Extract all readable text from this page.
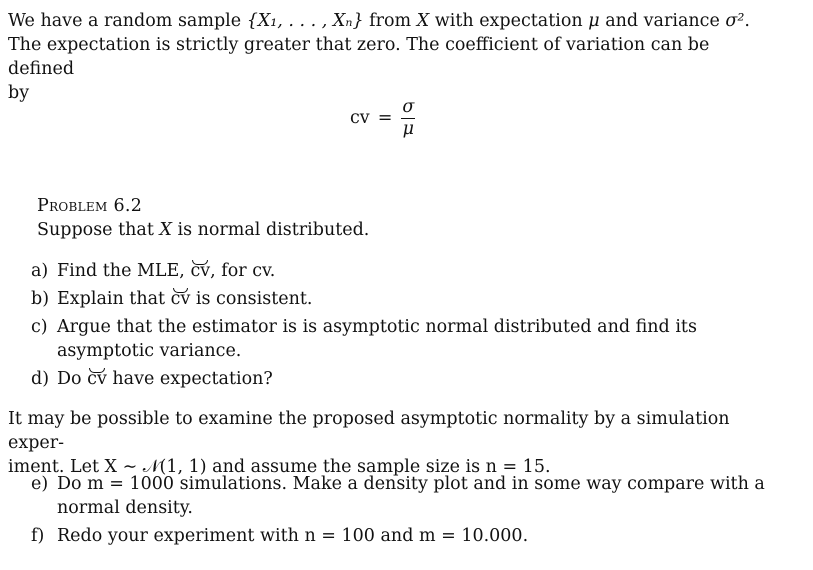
We have a random sample {X₁, . . . , Xₙ} from X with expectation μ and variance σ².

The expectation is strictly greater that zero. The coefficient of variation can be defined

by

cv = $\frac{\sigma}{\mu}$
Problem 6.2
Suppose that X is normal distributed.
a) Find the MLE, cv, for cv.
b) Explain that cv is consistent.
c) Argue that the estimator is is asymptotic normal distributed and find its asymptotic variance.
d) Do cv have expectation?

It may be possible to examine the proposed asymptotic normality by a simulation exper-

iment. Let X ∼ 𝒩(1, 1) and assume the sample size is n = 15.

e) Do m = 1000 simulations. Make a density plot and in some way compare with a normal density.
f) Redo your experiment with n = 100 and m = 10.000.
